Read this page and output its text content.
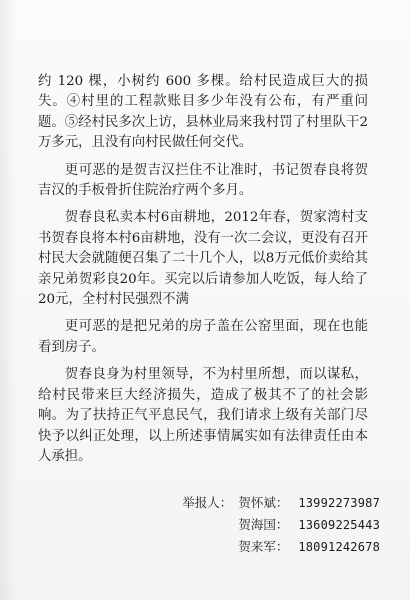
约 120 棵，小树约 600 多棵。给村民造成巨大的损失。④村里的工程款账目多少年没有公布，有严重问题。⑤经村民多次上访，县林业局来我村罚了村里队干2万多元，且没有向村民做任何交代。

更可恶的是贺吉汉拦住不让准时，书记贺春良将贺吉汉的手板骨折住院治疗两个多月。

贺春良私卖本村6亩耕地，2012年春，贺家湾村支书贺春良将本村6亩耕地，没有一次二会议，更没有召开村民大会就随便召集了二十几个人，以8万元低价卖给其亲兄弟贺彩良20年。买完以后请参加人吃饭，每人给了20元，全村村民强烈不满

更可恶的是把兄弟的房子盖在公窑里面，现在也能看到房子。

贺春良身为村里领导，不为村里所想，而以谋私，给村民带来巨大经济损失，造成了极其不了的社会影响。为了扶持正气平息民气，我们请求上级有关部门尽快予以纠正处理，以上所述事情属实如有法律责任由本人承担。

举报人： 贺怀斌： 13992273987
贺海国： 13609225443
贺来军： 18091242678
